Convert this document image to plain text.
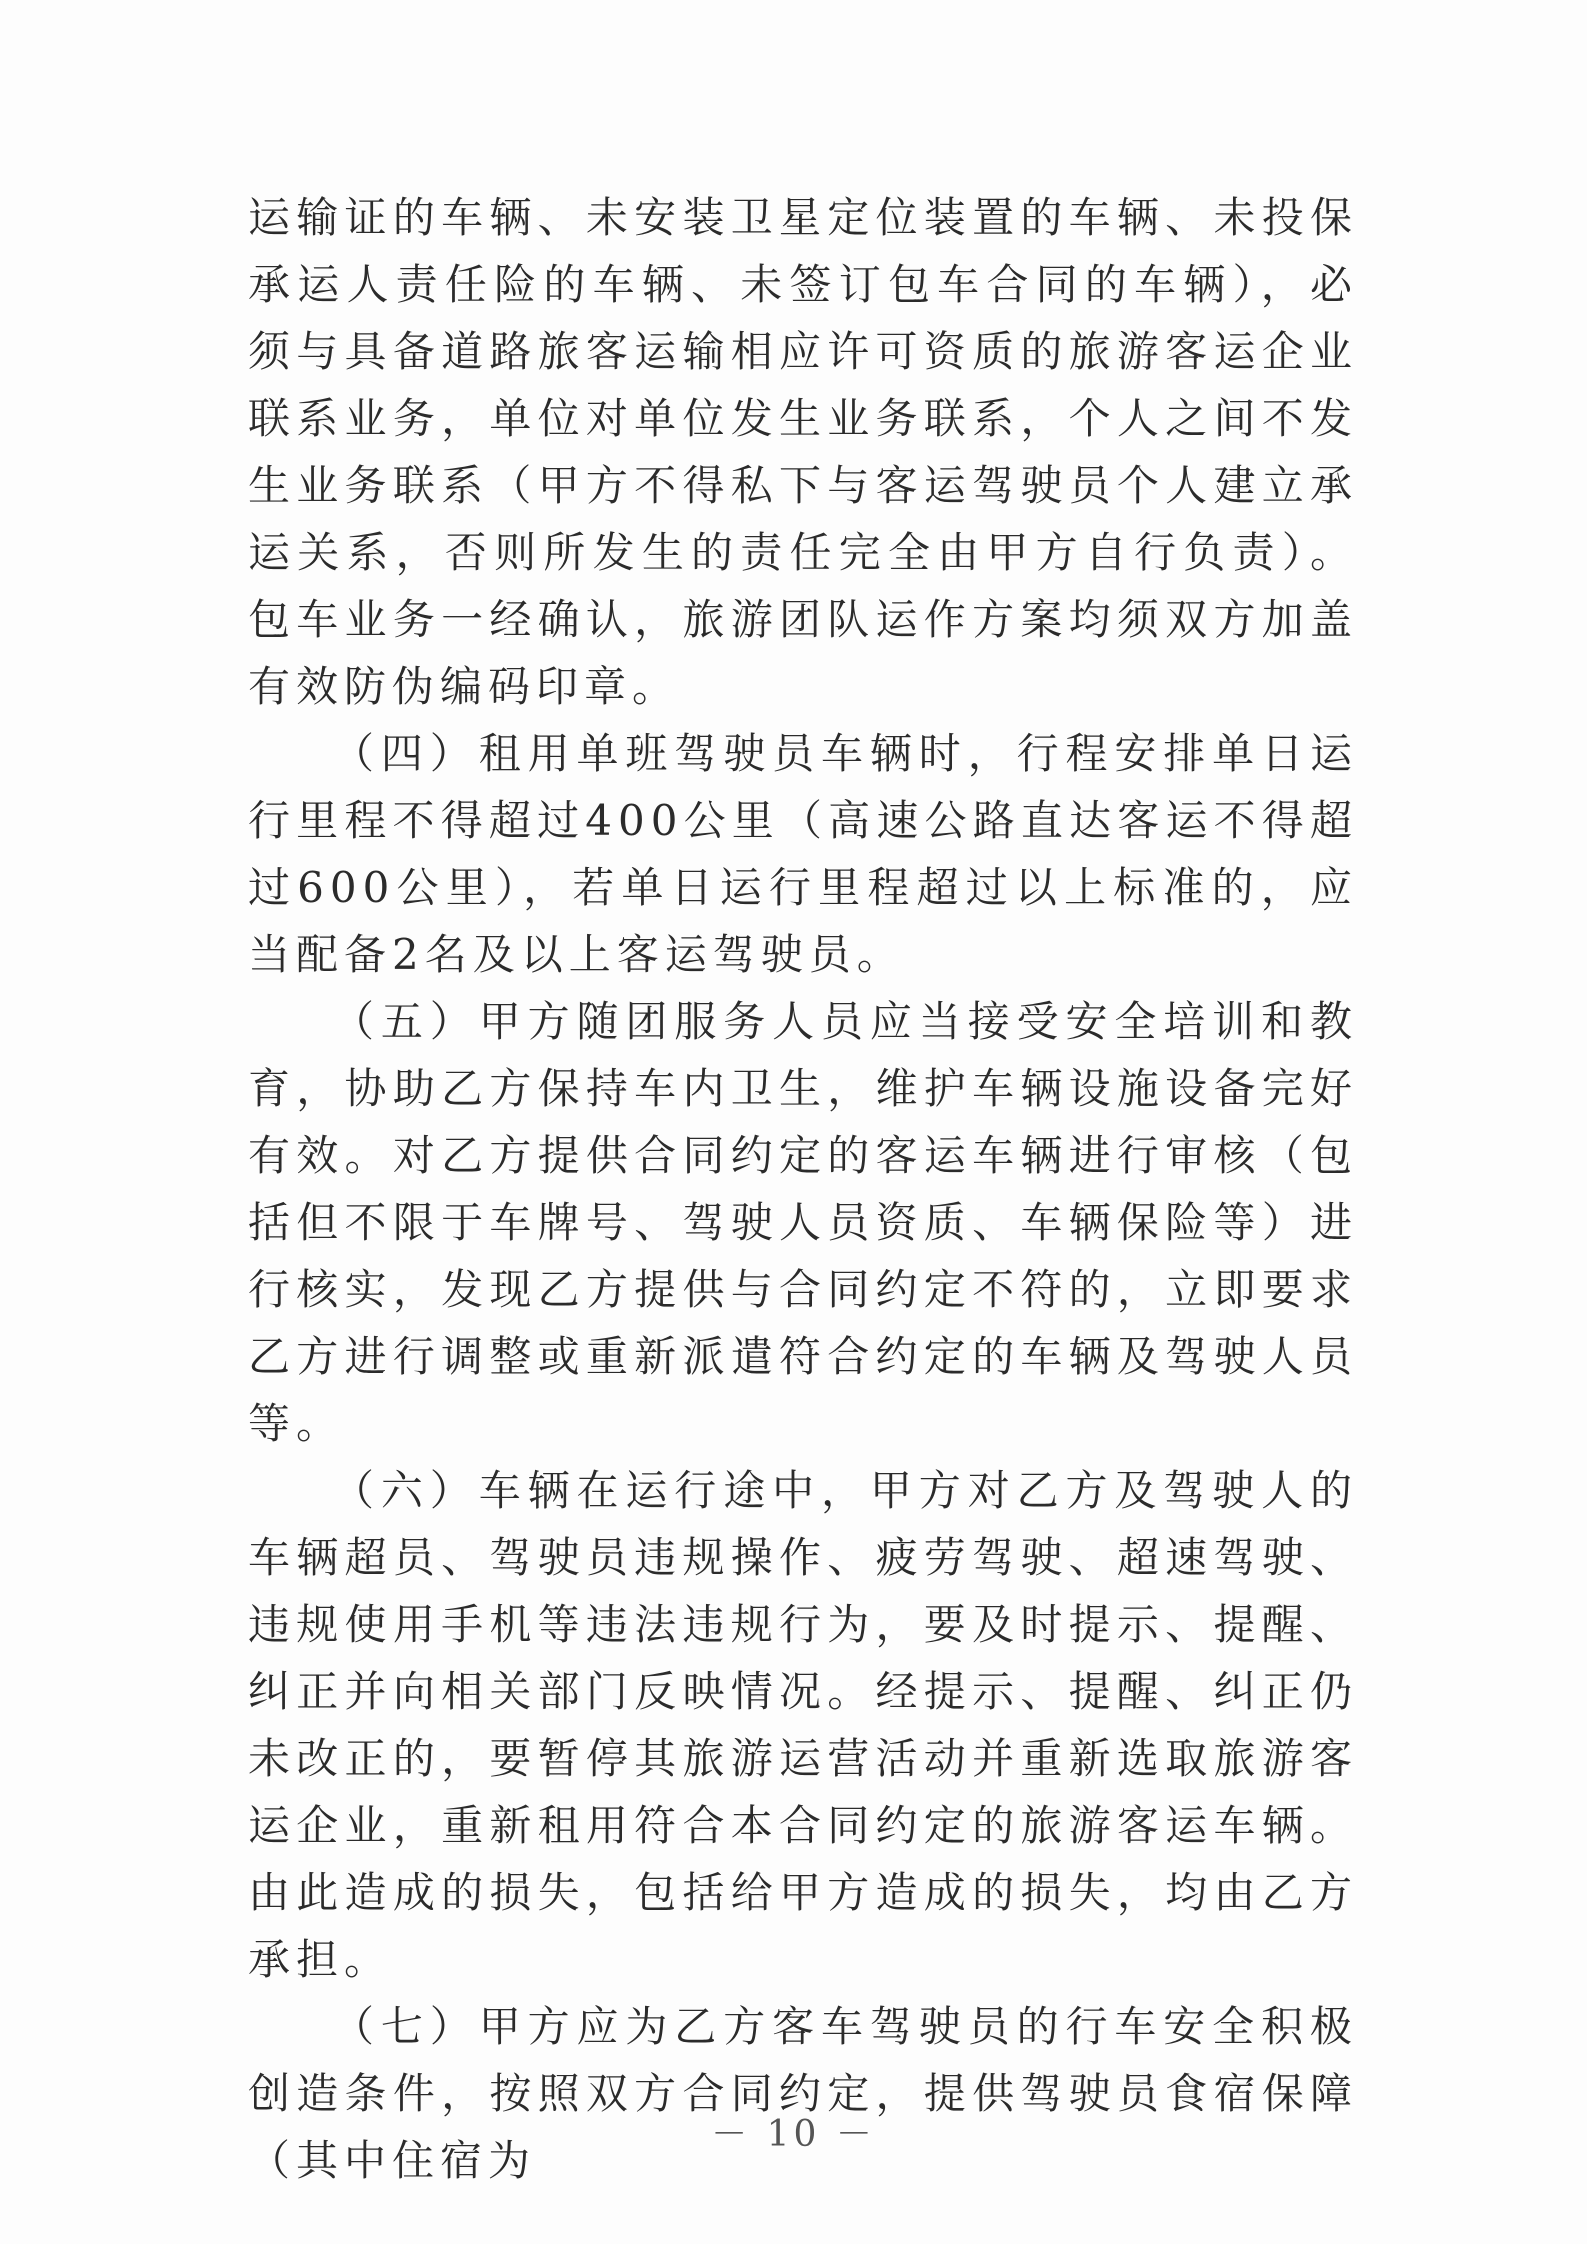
运输证的车辆、未安装卫星定位装置的车辆、未投保承运人责任险的车辆、未签订包车合同的车辆），必须与具备道路旅客运输相应许可资质的旅游客运企业联系业务，单位对单位发生业务联系，个人之间不发生业务联系（甲方不得私下与客运驾驶员个人建立承运关系，否则所发生的责任完全由甲方自行负责）。包车业务一经确认，旅游团队运作方案均须双方加盖有效防伪编码印章。

（四）租用单班驾驶员车辆时，行程安排单日运行里程不得超过400公里（高速公路直达客运不得超过600公里），若单日运行里程超过以上标准的，应当配备2名及以上客运驾驶员。

（五）甲方随团服务人员应当接受安全培训和教育，协助乙方保持车内卫生，维护车辆设施设备完好有效。对乙方提供合同约定的客运车辆进行审核（包括但不限于车牌号、驾驶人员资质、车辆保险等）进行核实，发现乙方提供与合同约定不符的，立即要求乙方进行调整或重新派遣符合约定的车辆及驾驶人员等。

（六）车辆在运行途中，甲方对乙方及驾驶人的车辆超员、驾驶员违规操作、疲劳驾驶、超速驾驶、违规使用手机等违法违规行为，要及时提示、提醒、纠正并向相关部门反映情况。经提示、提醒、纠正仍未改正的，要暂停其旅游运营活动并重新选取旅游客运企业，重新租用符合本合同约定的旅游客运车辆。由此造成的损失，包括给甲方造成的损失，均由乙方承担。

（七）甲方应为乙方客车驾驶员的行车安全积极创造条件，按照双方合同约定，提供驾驶员食宿保障（其中住宿为

－ 10 －
